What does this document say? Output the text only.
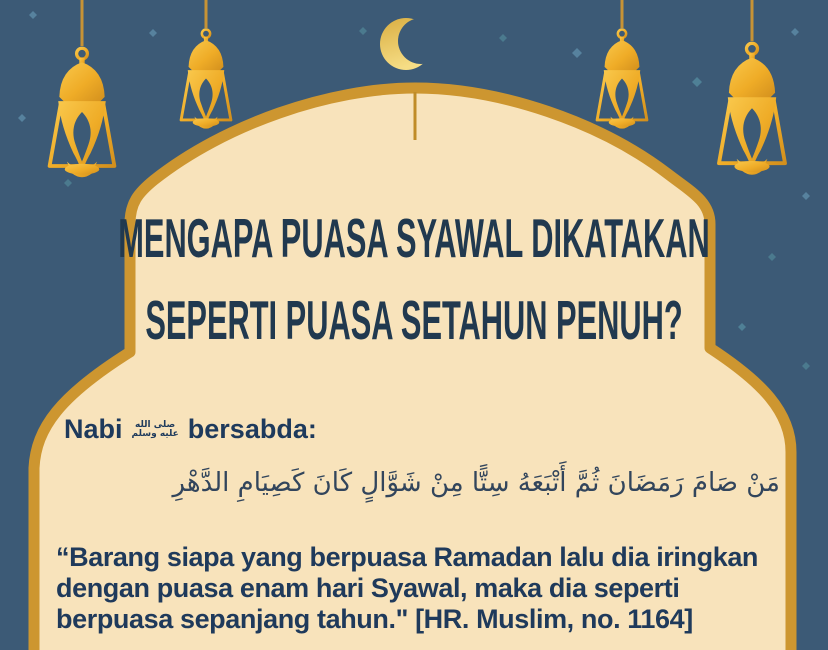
MENGAPA PUASA SYAWAL DIKATAKAN
SEPERTI PUASA SETAHUN PENUH?
Nabi صلى الله
عليه وسلم bersabda:
مَنْ صَامَ رَمَضَانَ ثُمَّ أَتْبَعَهُ سِتًّا مِنْ شَوَّالٍ كَانَ كَصِيَامِ الدَّهْرِ
“Barang siapa yang berpuasa Ramadan lalu dia iringkan
dengan puasa enam hari Syawal, maka dia seperti
berpuasa sepanjang tahun." [HR. Muslim, no. 1164]
